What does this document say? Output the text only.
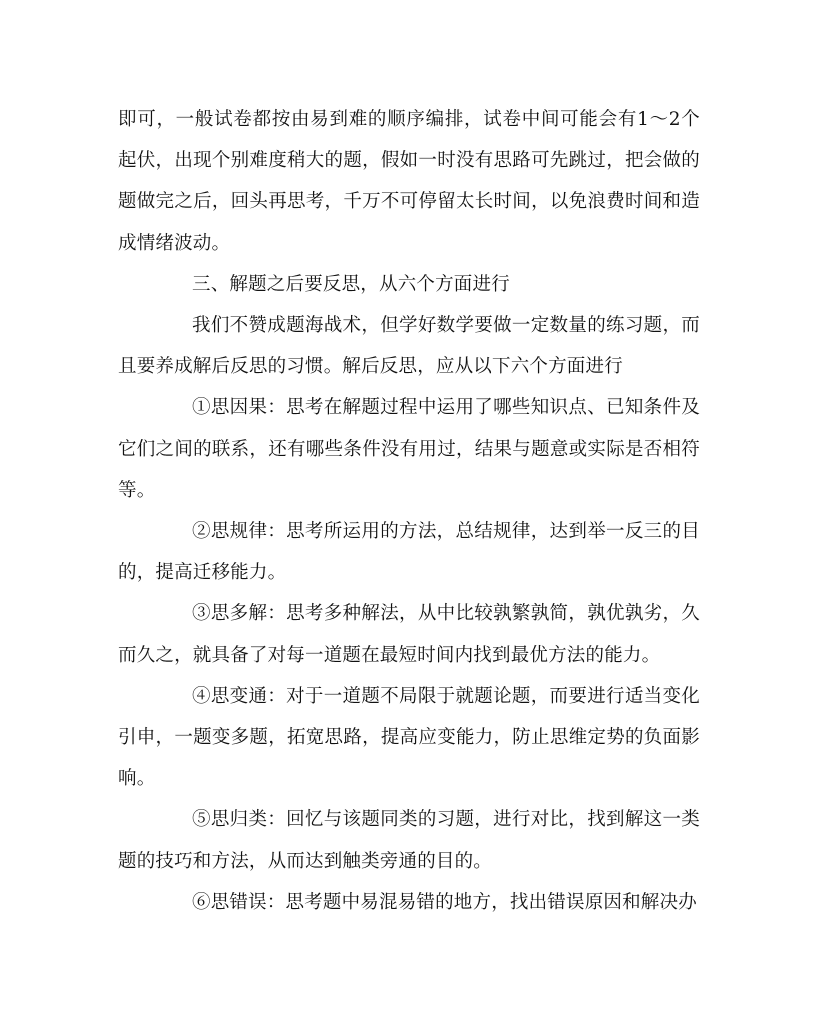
即可，一般试卷都按由易到难的顺序编排，试卷中间可能会有1～2个起伏，出现个别难度稍大的题，假如一时没有思路可先跳过，把会做的题做完之后，回头再思考，千万不可停留太长时间，以免浪费时间和造成情绪波动。

三、解题之后要反思，从六个方面进行

我们不赞成题海战术，但学好数学要做一定数量的练习题，而且要养成解后反思的习惯。解后反思，应从以下六个方面进行

①思因果：思考在解题过程中运用了哪些知识点、已知条件及它们之间的联系，还有哪些条件没有用过，结果与题意或实际是否相符等。

②思规律：思考所运用的方法，总结规律，达到举一反三的目的，提高迁移能力。

③思多解：思考多种解法，从中比较孰繁孰简，孰优孰劣，久而久之，就具备了对每一道题在最短时间内找到最优方法的能力。

④思变通：对于一道题不局限于就题论题，而要进行适当变化引申，一题变多题，拓宽思路，提高应变能力，防止思维定势的负面影响。

⑤思归类：回忆与该题同类的习题，进行对比，找到解这一类题的技巧和方法，从而达到触类旁通的目的。

⑥思错误：思考题中易混易错的地方，找出错误原因和解决办
